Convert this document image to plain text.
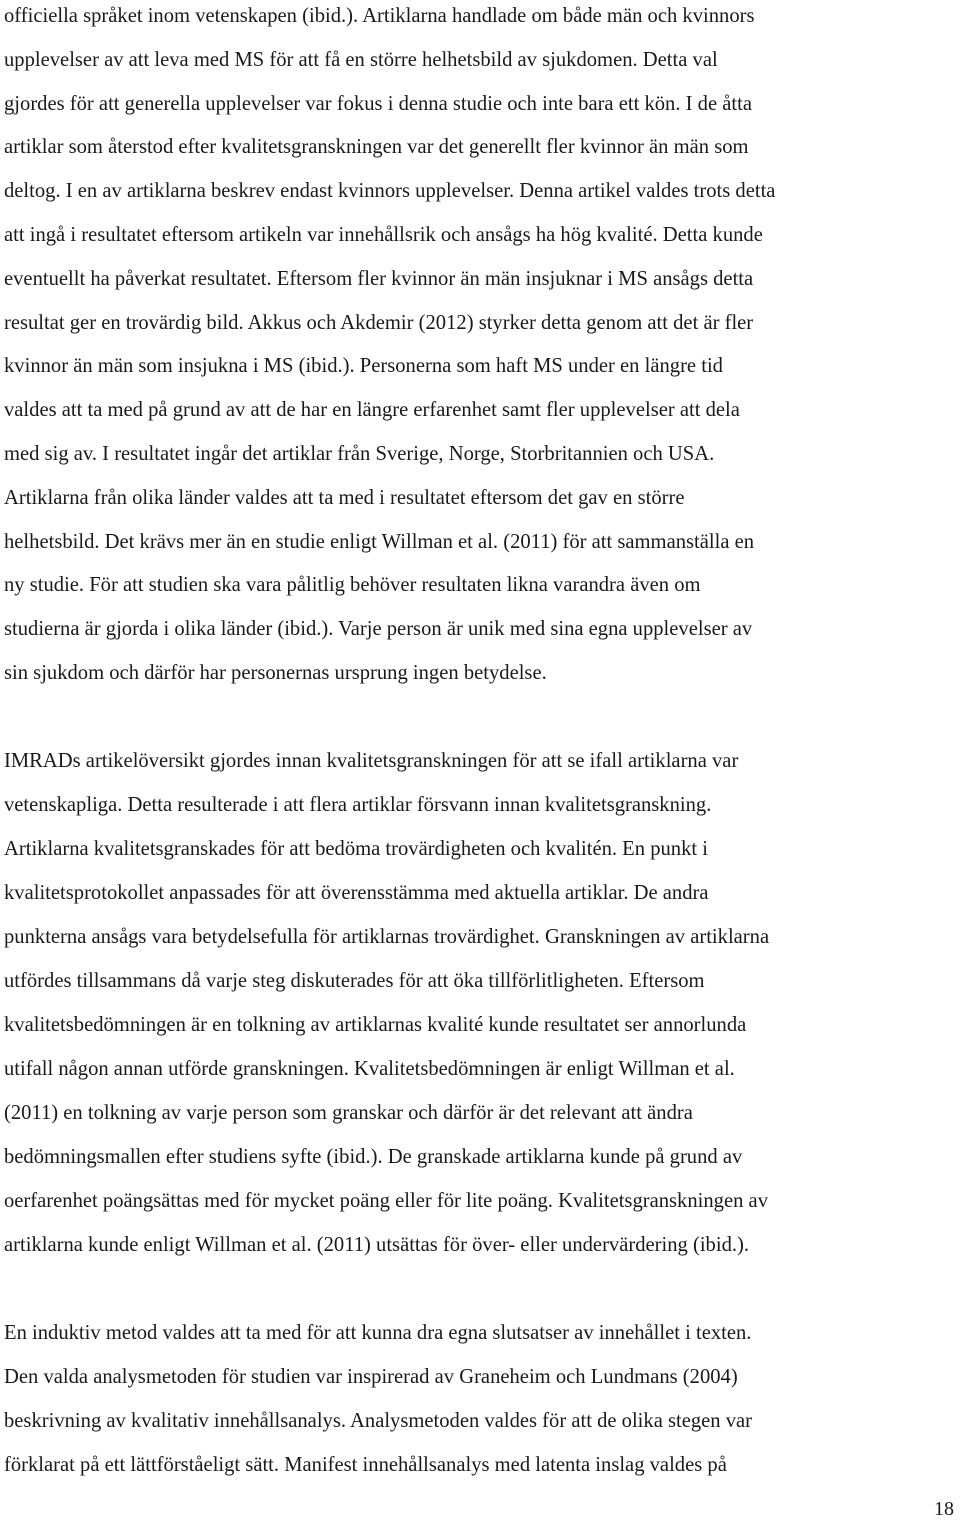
officiella språket inom vetenskapen (ibid.). Artiklarna handlade om både män och kvinnors
upplevelser av att leva med MS för att få en större helhetsbild av sjukdomen. Detta val
gjordes för att generella upplevelser var fokus i denna studie och inte bara ett kön. I de åtta
artiklar som återstod efter kvalitetsgranskningen var det generellt fler kvinnor än män som
deltog. I en av artiklarna beskrev endast kvinnors upplevelser. Denna artikel valdes trots detta
att ingå i resultatet eftersom artikeln var innehållsrik och ansågs ha hög kvalité. Detta kunde
eventuellt ha påverkat resultatet. Eftersom fler kvinnor än män insjuknar i MS ansågs detta
resultat ger en trovärdig bild. Akkus och Akdemir (2012) styrker detta genom att det är fler
kvinnor än män som insjukna i MS (ibid.). Personerna som haft MS under en längre tid
valdes att ta med på grund av att de har en längre erfarenhet samt fler upplevelser att dela
med sig av. I resultatet ingår det artiklar från Sverige, Norge, Storbritannien och USA.
Artiklarna från olika länder valdes att ta med i resultatet eftersom det gav en större
helhetsbild. Det krävs mer än en studie enligt Willman et al. (2011) för att sammanställa en
ny studie. För att studien ska vara pålitlig behöver resultaten likna varandra även om
studierna är gjorda i olika länder (ibid.). Varje person är unik med sina egna upplevelser av
sin sjukdom och därför har personernas ursprung ingen betydelse.
IMRADs artikelöversikt gjordes innan kvalitetsgranskningen för att se ifall artiklarna var
vetenskapliga. Detta resulterade i att flera artiklar försvann innan kvalitetsgranskning.
Artiklarna kvalitetsgranskades för att bedöma trovärdigheten och kvalitén. En punkt i
kvalitetsprotokollet anpassades för att överensstämma med aktuella artiklar. De andra
punkterna ansågs vara betydelsefulla för artiklarnas trovärdighet. Granskningen av artiklarna
utfördes tillsammans då varje steg diskuterades för att öka tillförlitligheten. Eftersom
kvalitetsbedömningen är en tolkning av artiklarnas kvalité kunde resultatet ser annorlunda
utifall någon annan utförde granskningen. Kvalitetsbedömningen är enligt Willman et al.
(2011) en tolkning av varje person som granskar och därför är det relevant att ändra
bedömningsmallen efter studiens syfte (ibid.). De granskade artiklarna kunde på grund av
oerfarenhet poängsättas med för mycket poäng eller för lite poäng. Kvalitetsgranskningen av
artiklarna kunde enligt Willman et al. (2011) utsättas för över- eller undervärdering (ibid.).
En induktiv metod valdes att ta med för att kunna dra egna slutsatser av innehållet i texten.
Den valda analysmetoden för studien var inspirerad av Graneheim och Lundmans (2004)
beskrivning av kvalitativ innehållsanalys. Analysmetoden valdes för att de olika stegen var
förklarat på ett lättförståeligt sätt. Manifest innehållsanalys med latenta inslag valdes på
18
